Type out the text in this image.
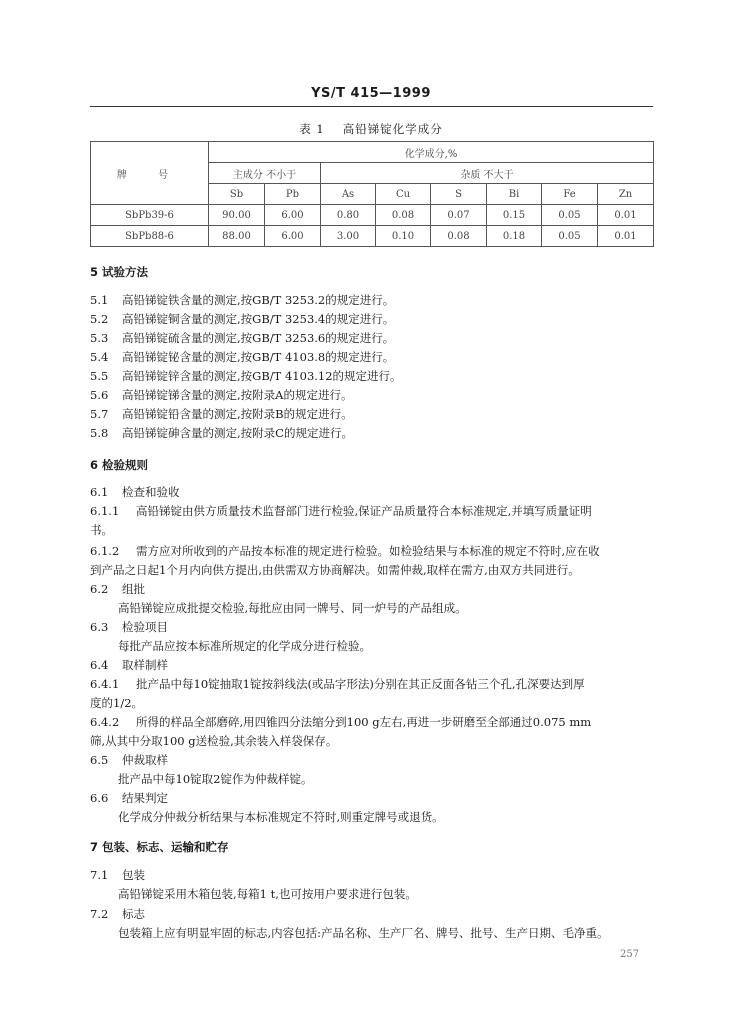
YS/T 415—1999
表 1 高铅锑锭化学成分
牌 号	化学成分,%							
	主成分 不小于		杂质 不大于					
	Sb	Pb	As	Cu	S	Bi	Fe	Zn
SbPb39-6	90.00	6.00	0.80	0.08	0.07	0.15	0.05	0.01
SbPb88-6	88.00	6.00	3.00	0.10	0.08	0.18	0.05	0.01
5 试验方法
5.1 高铅锑锭铁含量的测定,按GB/T 3253.2的规定进行。
5.2 高铅锑锭铜含量的测定,按GB/T 3253.4的规定进行。
5.3 高铅锑锭硫含量的测定,按GB/T 3253.6的规定进行。
5.4 高铅锑锭铋含量的测定,按GB/T 4103.8的规定进行。
5.5 高铅锑锭锌含量的测定,按GB/T 4103.12的规定进行。
5.6 高铅锑锭锑含量的测定,按附录A的规定进行。
5.7 高铅锑锭铅含量的测定,按附录B的规定进行。
5.8 高铅锑锭砷含量的测定,按附录C的规定进行。
6 检验规则
6.1 检查和验收
6.1.1 高铅锑锭由供方质量技术监督部门进行检验,保证产品质量符合本标准规定,并填写质量证明
书。
6.1.2 需方应对所收到的产品按本标准的规定进行检验。如检验结果与本标准的规定不符时,应在收
到产品之日起1个月内向供方提出,由供需双方协商解决。如需仲裁,取样在需方,由双方共同进行。
6.2 组批
高铅锑锭应成批提交检验,每批应由同一牌号、同一炉号的产品组成。
6.3 检验项目
每批产品应按本标准所规定的化学成分进行检验。
6.4 取样制样
6.4.1 批产品中每10锭抽取1锭按斜线法(或品字形法)分别在其正反面各钻三个孔,孔深要达到厚
度的1/2。
6.4.2 所得的样品全部磨碎,用四锥四分法缩分到100 g左右,再进一步研磨至全部通过0.075 mm
筛,从其中分取100 g送检验,其余装入样袋保存。
6.5 仲裁取样
批产品中每10锭取2锭作为仲裁样锭。
6.6 结果判定
化学成分仲裁分析结果与本标准规定不符时,则重定牌号或退货。
7 包装、标志、运输和贮存
7.1 包装
高铅锑锭采用木箱包装,每箱1 t,也可按用户要求进行包装。
7.2 标志
包装箱上应有明显牢固的标志,内容包括:产品名称、生产厂名、牌号、批号、生产日期、毛净重。
257
